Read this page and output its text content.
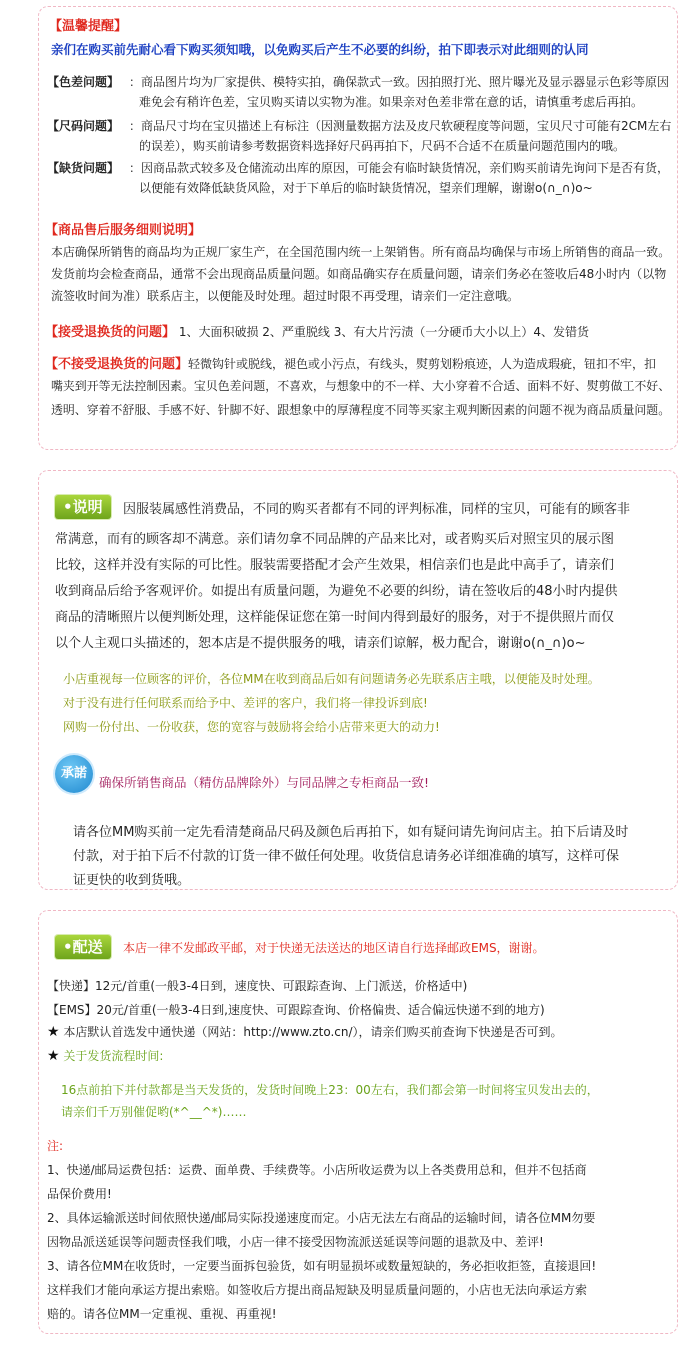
【温馨提醒】
亲们在购买前先耐心看下购买须知哦，以免购买后产生不必要的纠纷，拍下即表示对此细则的认同
【色差问题】 ：商品图片均为厂家提供、模特实拍，确保款式一致。因拍照打光、照片曝光及显示器显示色彩等原因
难免会有稍许色差，宝贝购买请以实物为准。如果亲对色差非常在意的话，请慎重考虑后再拍。
【尺码问题】 ：商品尺寸均在宝贝描述上有标注（因测量数据方法及皮尺软硬程度等问题，宝贝尺寸可能有2CM左右
的误差），购买前请参考数据资料选择好尺码再拍下，尺码不合适不在质量问题范围内的哦。
【缺货问题】 ：因商品款式较多及仓储流动出库的原因，可能会有临时缺货情况，亲们购买前请先询问下是否有货，
以便能有效降低缺货风险，对于下单后的临时缺货情况，望亲们理解，谢谢o(∩_∩)o~
【商品售后服务细则说明】
本店确保所销售的商品均为正规厂家生产，在全国范围内统一上架销售。所有商品均确保与市场上所销售的商品一致。
发货前均会检查商品，通常不会出现商品质量问题。如商品确实存在质量问题，请亲们务必在签收后48小时内（以物
流签收时间为准）联系店主，以便能及时处理。超过时限不再受理，请亲们一定注意哦。
【接受退换货的问题】 1、大面积破损 2、严重脱线 3、有大片污渍（一分硬币大小以上）4、发错货
【不接受退换货的问题】轻微钩针或脱线，褪色或小污点，有线头，熨剪划粉痕迹，人为造成瑕疵，钮扣不牢，扣
嘴夹到开等无法控制因素。宝贝色差问题，不喜欢，与想象中的不一样、大小穿着不合适、面料不好、熨剪做工不好、
透明、穿着不舒服、手感不好、针脚不好、跟想象中的厚薄程度不同等买家主观判断因素的问题不视为商品质量问题。
•说明	因服装属感性消费品，不同的购买者都有不同的评判标准，同样的宝贝，可能有的顾客非
常满意，而有的顾客却不满意。亲们请勿拿不同品牌的产品来比对，或者购买后对照宝贝的展示图
比较，这样并没有实际的可比性。服装需要搭配才会产生效果，相信亲们也是此中高手了，请亲们
收到商品后给予客观评价。如提出有质量问题，为避免不必要的纠纷，请在签收后的48小时内提供
商品的清晰照片以便判断处理，这样能保证您在第一时间内得到最好的服务，对于不提供照片而仅
以个人主观口头描述的，恕本店是不提供服务的哦，请亲们谅解，极力配合，谢谢o(∩_∩)o~
小店重视每一位顾客的评价，各位MM在收到商品后如有问题请务必先联系店主哦，以便能及时处理。
对于没有进行任何联系而给予中、差评的客户，我们将一律投诉到底!
网购一份付出、一份收获，您的宽容与鼓励将会给小店带来更大的动力!
承諾
确保所销售商品（精仿品牌除外）与同品牌之专柜商品一致!
请各位MM购买前一定先看清楚商品尺码及颜色后再拍下，如有疑问请先询问店主。拍下后请及时
付款，对于拍下后不付款的订货一律不做任何处理。收货信息请务必详细准确的填写，这样可保
证更快的收到货哦。
•配送	本店一律不发邮政平邮，对于快递无法送达的地区请自行选择邮政EMS，谢谢。
【快递】12元/首重(一般3-4日到，速度快、可跟踪查询、上门派送，价格适中)
【EMS】20元/首重(一般3-4日到,速度快、可跟踪查询、价格偏贵、适合偏远快递不到的地方)
★ 本店默认首选发中通快递（网站：http://www.zto.cn/），请亲们购买前查询下快递是否可到。
★ 关于发货流程时间:
16点前拍下并付款都是当天发货的，发货时间晚上23：00左右，我们都会第一时间将宝贝发出去的，
请亲们千万别催促哟(*^__^*)……
注:
1、快递/邮局运费包括：运费、面单费、手续费等。小店所收运费为以上各类费用总和，但并不包括商
品保价费用!
2、具体运输派送时间依照快递/邮局实际投递速度而定。小店无法左右商品的运输时间，请各位MM勿要
因物品派送延误等问题责怪我们哦，小店一律不接受因物流派送延误等问题的退款及中、差评!
3、请各位MM在收货时，一定要当面拆包验货，如有明显损坏或数量短缺的，务必拒收拒签，直接退回!
这样我们才能向承运方提出索赔。如签收后方提出商品短缺及明显质量问题的，小店也无法向承运方索
赔的。请各位MM一定重视、重视、再重视!
